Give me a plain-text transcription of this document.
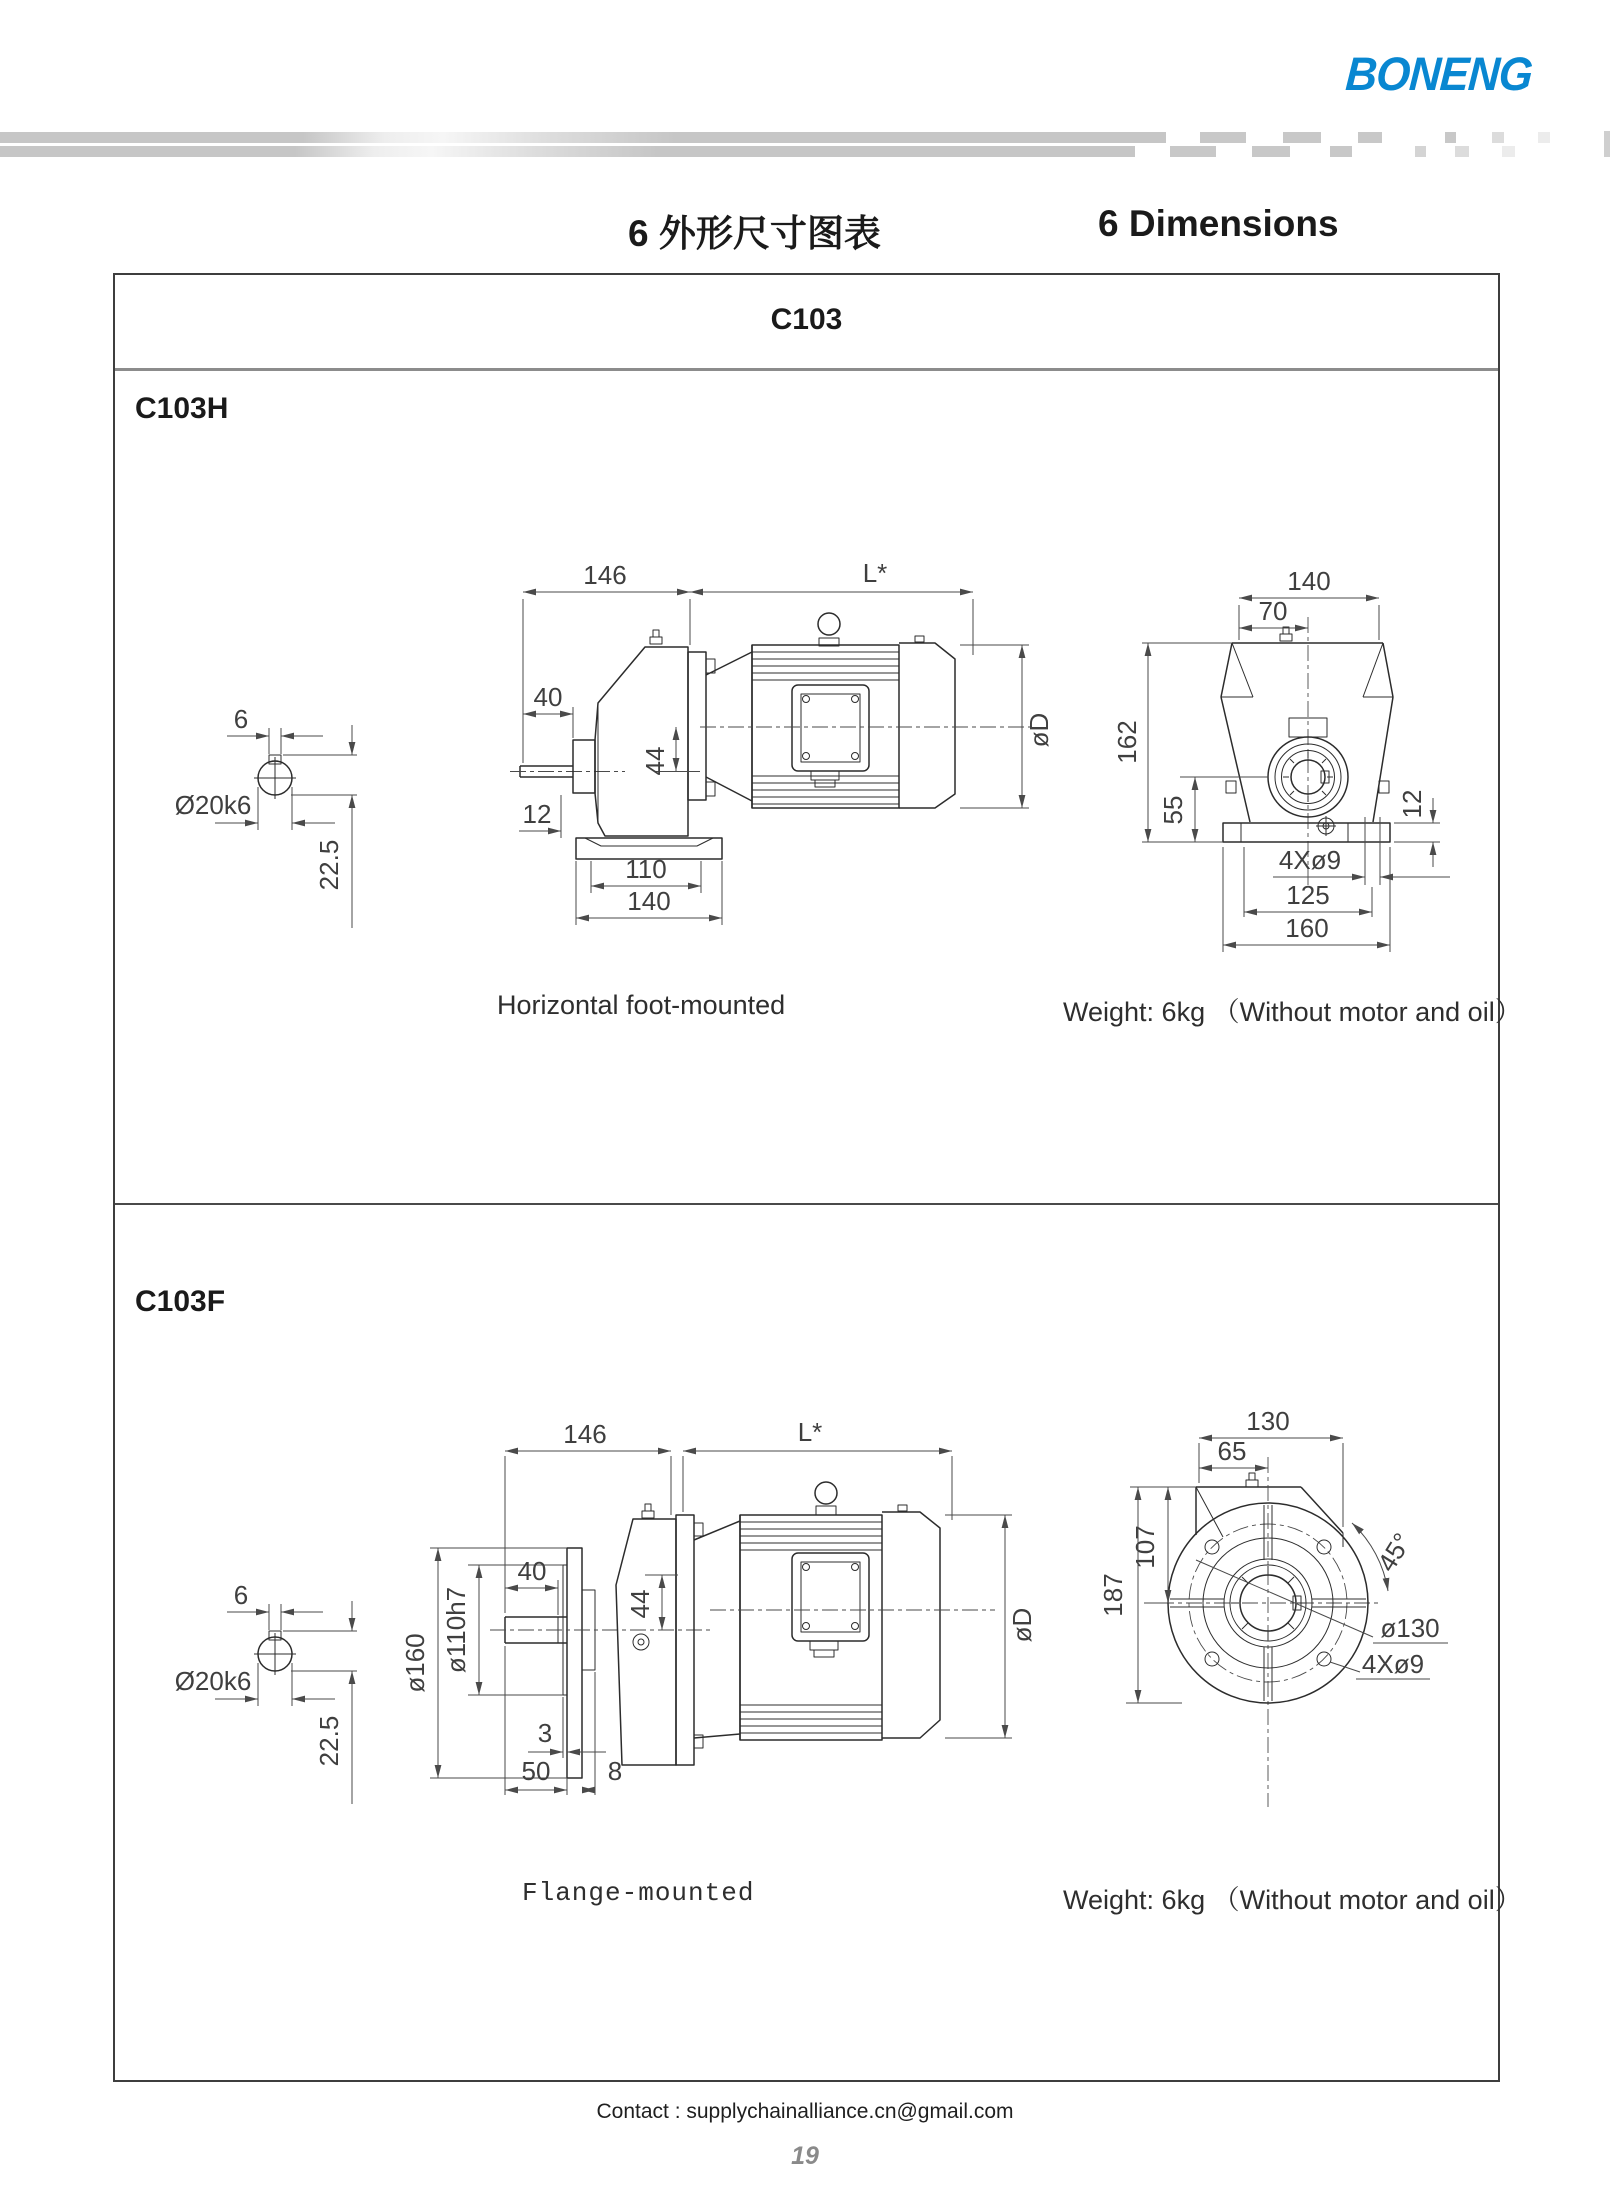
BONENG
6 外形尺寸图表	6 Dimensions
C103
C103H
C103F
6
22.5
Ø20k6
146	L*
40
44
12
110
140
øD
140
70
162
55	12
4Xø9
125
160
Horizontal foot-mounted	Weight: 6kg （Without motor and oil）
6
22.5
Ø20k6
146	L*
ø160 ø110h7
40
44
3
50 8
øD
130
65
107
187
45°
ø130
4Xø9
Flange-mounted	Weight: 6kg （Without motor and oil）
Contact : supplychainalliance.cn@gmail.com
19
